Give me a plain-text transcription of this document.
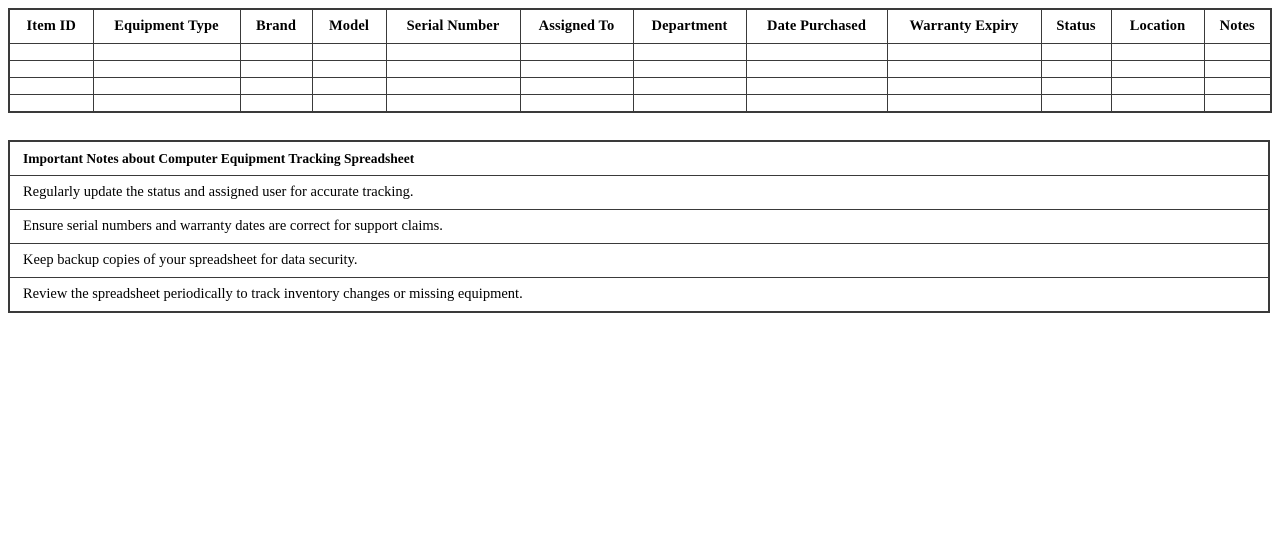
Item ID	Equipment Type	Brand	Model	Serial Number	Assigned To	Department	Date Purchased	Warranty Expiry	Status	Location	Notes

Important Notes about Computer Equipment Tracking Spreadsheet
Regularly update the status and assigned user for accurate tracking.
Ensure serial numbers and warranty dates are correct for support claims.
Keep backup copies of your spreadsheet for data security.
Review the spreadsheet periodically to track inventory changes or missing equipment.
